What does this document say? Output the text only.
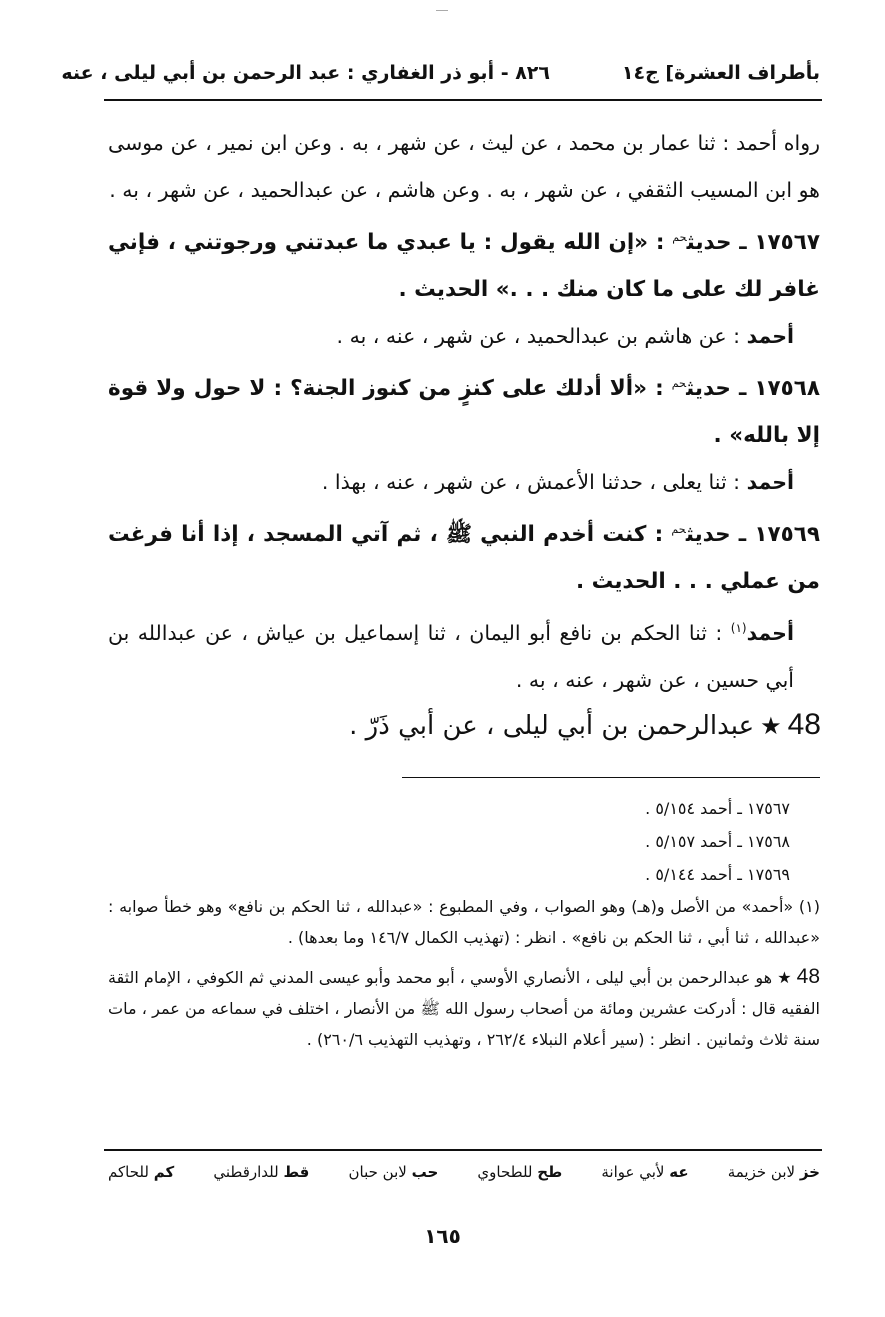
بأطراف العشرة] ج١٤
٨٢٦ - أبو ذر الغفاري : عبد الرحمن بن أبي ليلى ، عنه

رواه أحمد : ثنا عمار بن محمد ، عن ليث ، عن شهر ، به . وعن ابن نمير ، عن موسى هو ابن المسيب الثقفي ، عن شهر ، به . وعن هاشم ، عن عبدالحميد ، عن شهر ، به .

١٧٥٦٧ ـ حديث$^{حم}$ : «إن الله يقول : يا عبدي ما عبدتني ورجوتني ، فإني غافر لك على ما كان منك . . .» الحديث .

أحمد : عن هاشم بن عبدالحميد ، عن شهر ، عنه ، به .

١٧٥٦٨ ـ حديث$^{حم}$ : «ألا أدلك على كنزٍ من كنوز الجنة؟ : لا حول ولا قوة إلا بالله» .

أحمد : ثنا يعلى ، حدثنا الأعمش ، عن شهر ، عنه ، بهذا .

١٧٥٦٩ ـ حديث$^{حم}$ : كنت أخدم النبي ﷺ ، ثم آتي المسجد ، إذا أنا فرغت من عملي . . . الحديث .

أحمد$^{(١)}$ : ثنا الحكم بن نافع أبو اليمان ، ثنا إسماعيل بن عياش ، عن عبدالله بن أبي حسين ، عن شهر ، عنه ، به .

48★عبدالرحمن بن أبي ليلى ، عن أبي ذَرّ .

١٧٥٦٧ ـ أحمد ٥/١٥٤ .

١٧٥٦٨ ـ أحمد ٥/١٥٧ .

١٧٥٦٩ ـ أحمد ٥/١٤٤ .

(١) «أحمد» من الأصل و(هـ) وهو الصواب ، وفي المطبوع : «عبدالله ، ثنا الحكم بن نافع» وهو خطأ صوابه : «عبدالله ، ثنا أبي ، ثنا الحكم بن نافع» . انظر : (تهذيب الكمال ١٤٦/٧ وما بعدها) .

48 ★ هو عبدالرحمن بن أبي ليلى ، الأنصاري الأوسي ، أبو محمد وأبو عيسى المدني ثم الكوفي ، الإمام الثقة الفقيه قال : أدركت عشرين ومائة من أصحاب رسول الله ﷺ من الأنصار ، اختلف في سماعه من عمر ، مات سنة ثلاث وثمانين . انظر : (سير أعلام النبلاء ٢٦٢/٤ ، وتهذيب التهذيب ٢٦٠/٦) .

خز لابن خزيمة
عه لأبي عوانة
طح للطحاوي
حب لابن حبان
قط للدارقطني
كم للحاكم
١٦٥
